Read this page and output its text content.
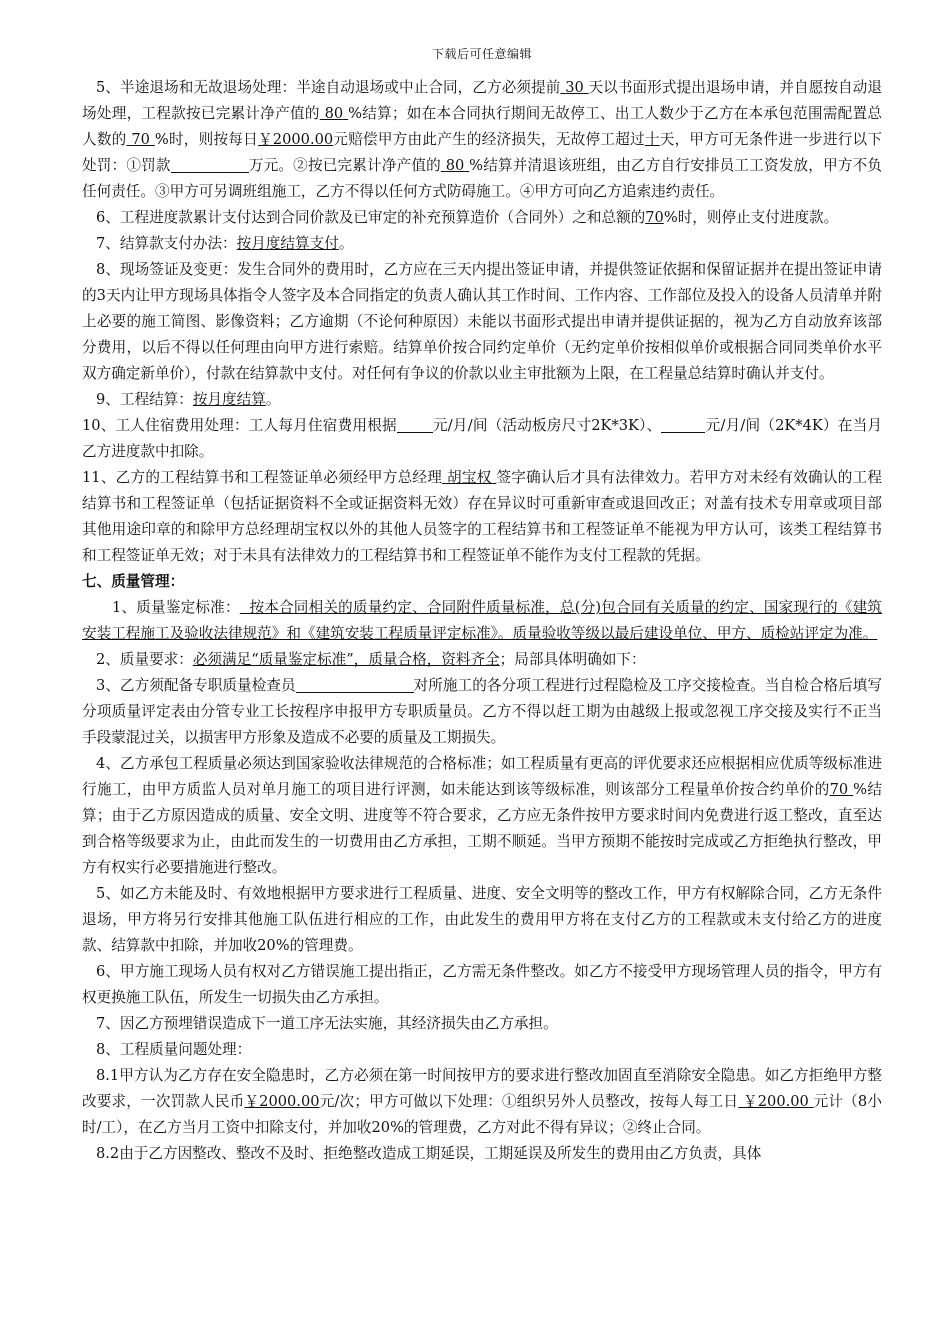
下载后可任意编辑

5、半途退场和无故退场处理：半途自动退场或中止合同，乙方必须提前 30 天以书面形式提出退场申请，并自愿按自动退场处理，工程款按已完累计净产值的 80 %结算；如在本合同执行期间无故停工、出工人数少于乙方在本承包范围需配置总人数的 70 %时，则按每日￥2000.00元赔偿甲方由此产生的经济损失，无故停工超过十天，甲方可无条件进一步进行以下处罚：①罚款	万元。②按已完累计净产值的 80 %结算并清退该班组，由乙方自行安排员工工资发放，甲方不负任何责任。③甲方可另调班组施工，乙方不得以任何方式防碍施工。④甲方可向乙方追索违约责任。

6、工程进度款累计支付达到合同价款及已审定的补充预算造价（合同外）之和总额的70%时，则停止支付进度款。

7、结算款支付办法：按月度结算支付。

8、现场签证及变更：发生合同外的费用时，乙方应在三天内提出签证申请，并提供签证依据和保留证据并在提出签证申请的3天内让甲方现场具体指令人签字及本合同指定的负责人确认其工作时间、工作内容、工作部位及投入的设备人员清单并附上必要的施工简图、影像资料；乙方逾期（不论何种原因）未能以书面形式提出申请并提供证据的，视为乙方自动放弃该部分费用，以后不得以任何理由向甲方进行索赔。结算单价按合同约定单价（无约定单价按相似单价或根据合同同类单价水平双方确定新单价），付款在结算款中支付。对任何有争议的价款以业主审批额为上限，在工程量总结算时确认并支付。

9、工程结算：按月度结算。

10、工人住宿费用处理：工人每月住宿费用根据 元/月/间（活动板房尺寸2K*3K）、	元/月/间（2K*4K）在当月乙方进度款中扣除。

11、乙方的工程结算书和工程签证单必须经甲方总经理 胡宝权 签字确认后才具有法律效力。若甲方对未经有效确认的工程结算书和工程签证单（包括证据资料不全或证据资料无效）存在异议时可重新审查或退回改正；对盖有技术专用章或项目部其他用途印章的和除甲方总经理胡宝权以外的其他人员签字的工程结算书和工程签证单不能视为甲方认可，该类工程结算书和工程签证单无效；对于未具有法律效力的工程结算书和工程签证单不能作为支付工程款的凭据。

七、质量管理：

1、质量鉴定标准： 按本合同相关的质量约定、合同附件质量标准，总(分)包合同有关质量的约定、国家现行的《建筑安装工程施工及验收法律规范》和《建筑安装工程质量评定标准》。质量验收等级以最后建设单位、甲方、质检站评定为准。

2、质量要求：必须满足“质量鉴定标准”，质量合格，资料齐全；局部具体明确如下：

3、乙方须配备专职质量检查员	对所施工的各分项工程进行过程隐检及工序交接检查。当自检合格后填写分项质量评定表由分管专业工长按程序申报甲方专职质量员。乙方不得以赶工期为由越级上报或忽视工序交接及实行不正当手段蒙混过关，以损害甲方形象及造成不必要的质量及工期损失。

4、乙方承包工程质量必须达到国家验收法律规范的合格标准；如工程质量有更高的评优要求还应根据相应优质等级标准进行施工，由甲方质监人员对单月施工的项目进行评测，如未能达到该等级标准，则该部分工程量单价按合约单价的70 %结算；由于乙方原因造成的质量、安全文明、进度等不符合要求，乙方应无条件按甲方要求时间内免费进行返工整改，直至达到合格等级要求为止，由此而发生的一切费用由乙方承担，工期不顺延。当甲方预期不能按时完成或乙方拒绝执行整改，甲方有权实行必要措施进行整改。

5、如乙方未能及时、有效地根据甲方要求进行工程质量、进度、安全文明等的整改工作，甲方有权解除合同，乙方无条件退场，甲方将另行安排其他施工队伍进行相应的工作，由此发生的费用甲方将在支付乙方的工程款或未支付给乙方的进度款、结算款中扣除，并加收20%的管理费。

6、甲方施工现场人员有权对乙方错误施工提出指正，乙方需无条件整改。如乙方不接受甲方现场管理人员的指令，甲方有权更换施工队伍，所发生一切损失由乙方承担。

7、因乙方预埋错误造成下一道工序无法实施，其经济损失由乙方承担。

8、工程质量问题处理：

8.1甲方认为乙方存在安全隐患时，乙方必须在第一时间按甲方的要求进行整改加固直至消除安全隐患。如乙方拒绝甲方整改要求，一次罚款人民币￥2000.00元/次；甲方可做以下处理：①组织另外人员整改，按每人每工日 ￥200.00 元计（8小时/工），在乙方当月工资中扣除支付，并加收20%的管理费，乙方对此不得有异议；②终止合同。

8.2由于乙方因整改、整改不及时、拒绝整改造成工期延误，工期延误及所发生的费用由乙方负责，具体
